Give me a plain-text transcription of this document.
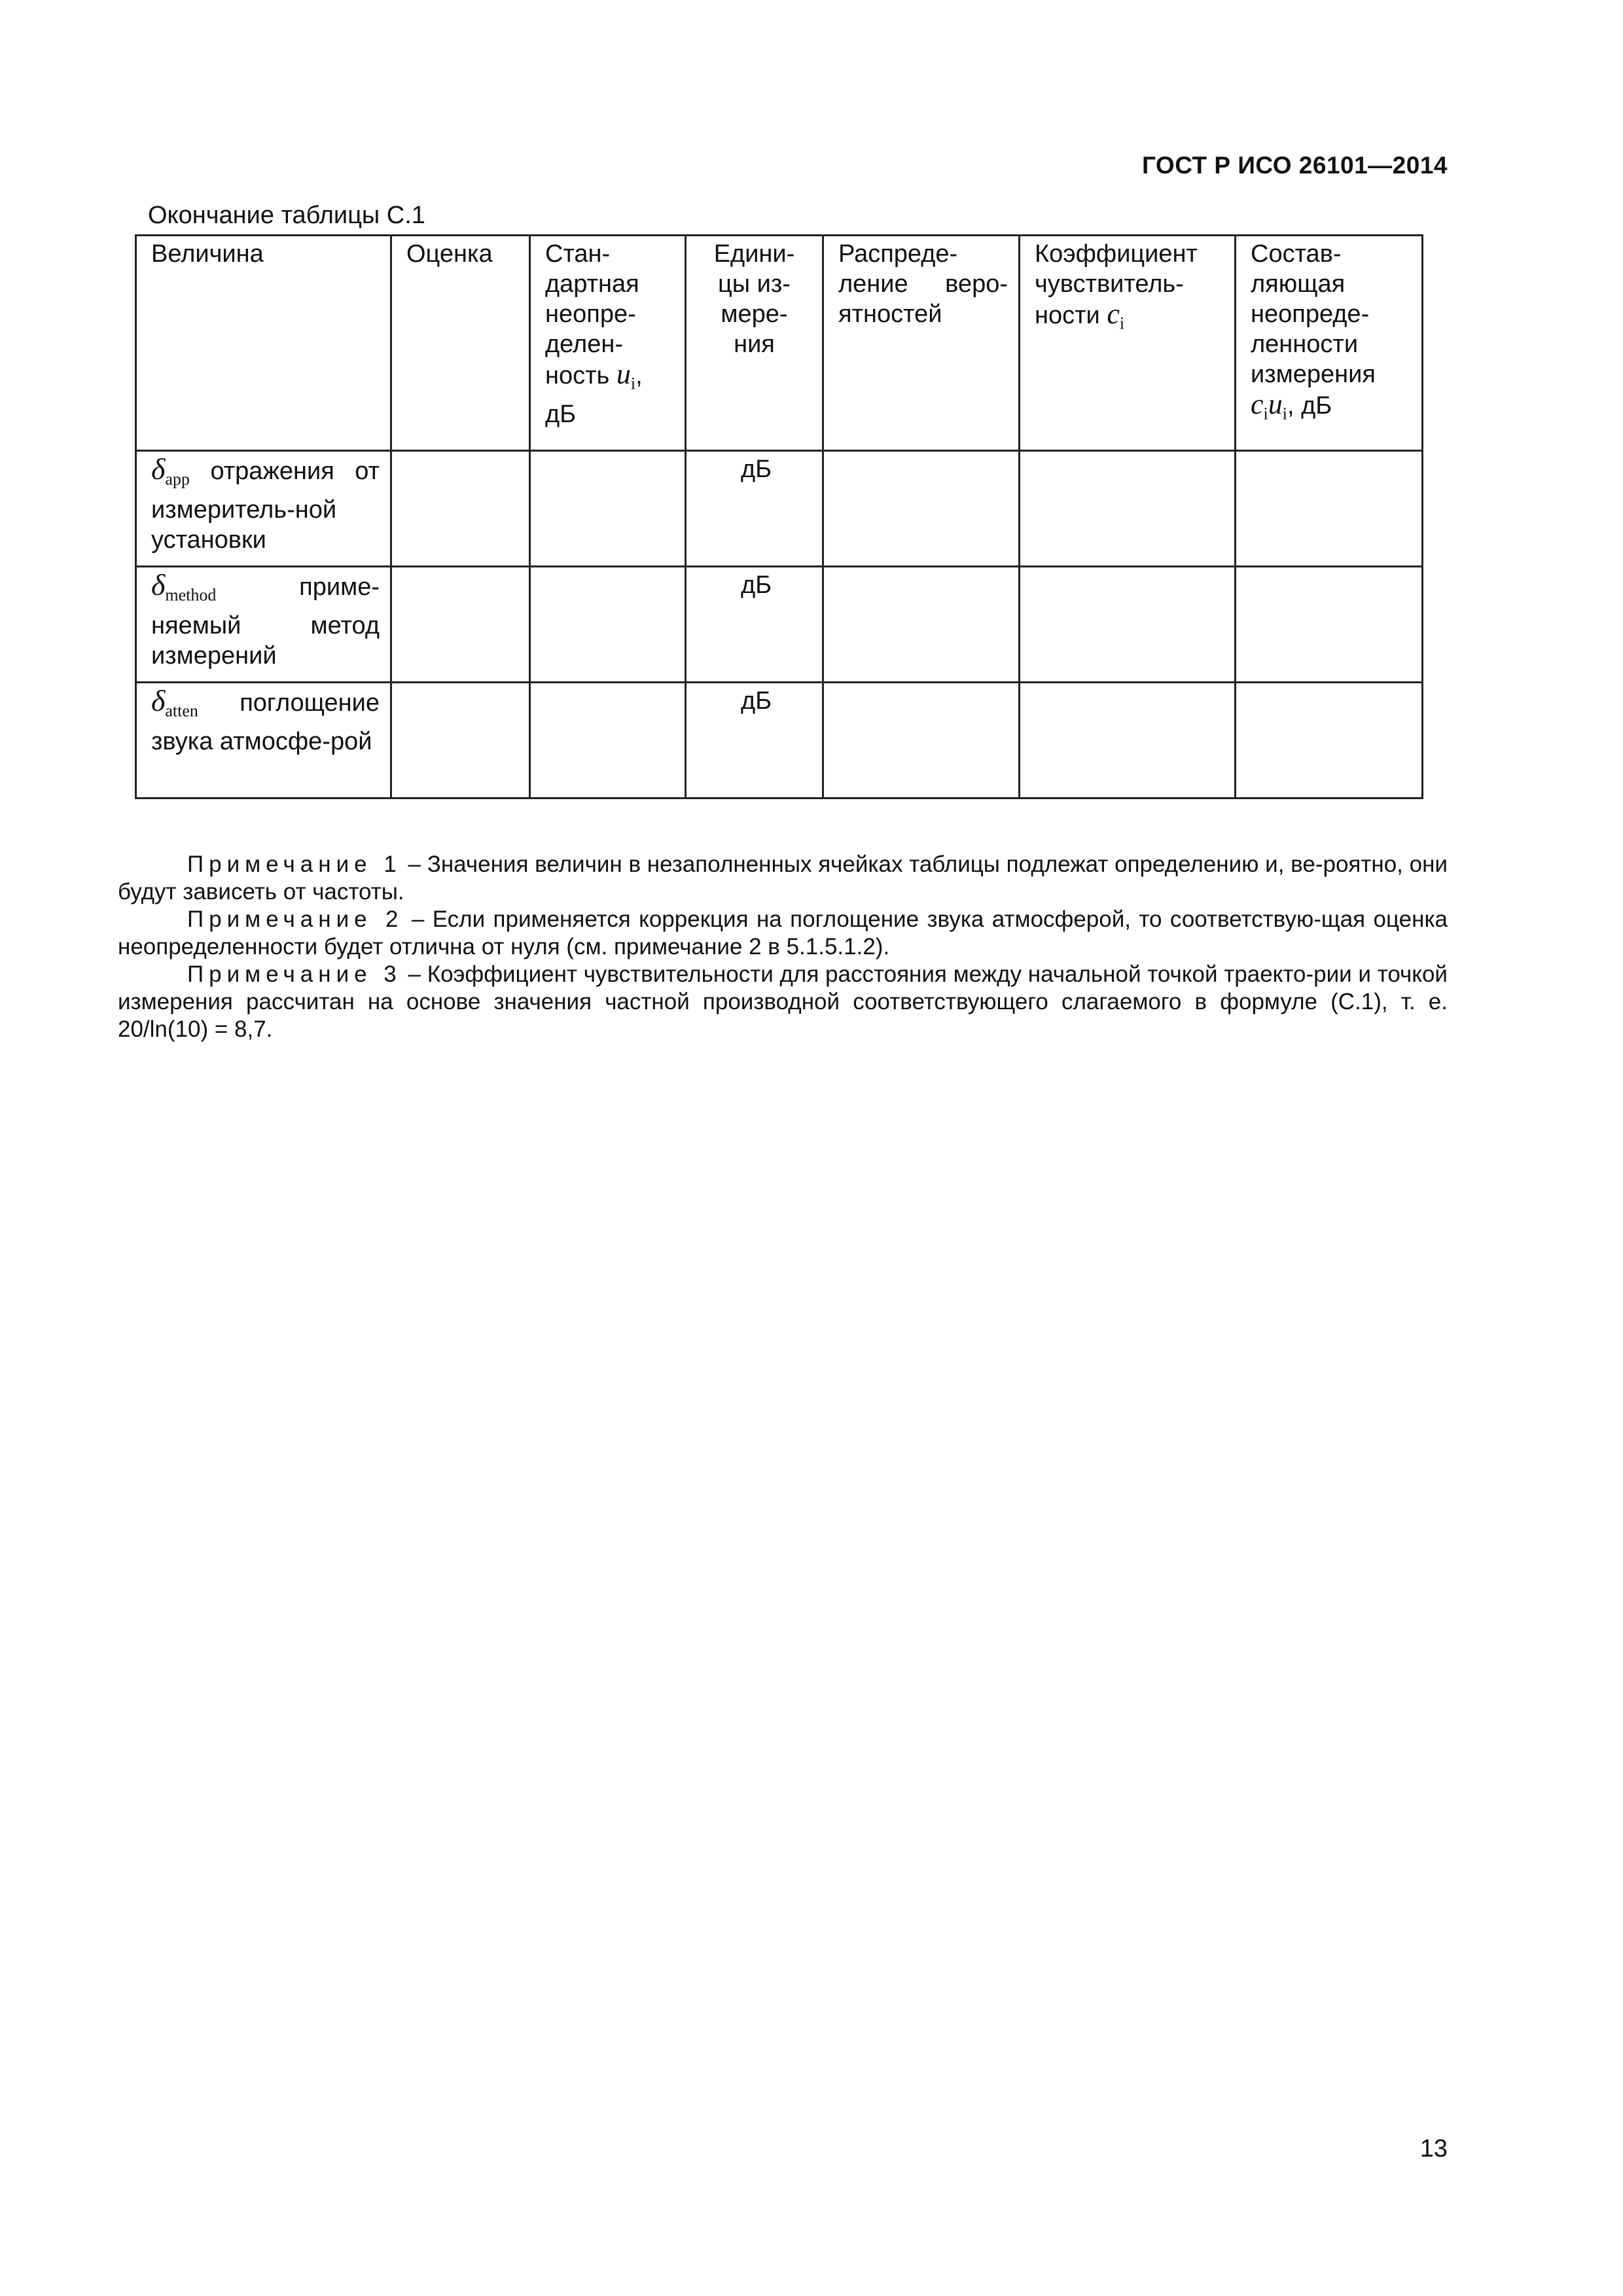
ГОСТ Р ИСО 26101—2014
Окончание таблицы С.1
Величина	Оценка	Стан-дартная неопре-делен-ность $u_i$, дБ	Едини-цы из-мере-ния	Распреде-ление веро-ятностей	Коэффициент чувствитель-ности $c_i$	Состав-ляющая неопреде-ленности измерения
$c_iu_i$, дБ
$\delta_{app}$ отражения от измеритель-ной установки			дБ			
$\delta_{method}$ приме-няемый метод измерений			дБ			
$\delta_{atten}$ поглощение звука атмосфе-рой			дБ			

Примечание 1 – Значения величин в незаполненных ячейках таблицы подлежат определению и, ве-роятно, они будут зависеть от частоты.

Примечание 2 – Если применяется коррекция на поглощение звука атмосферой, то соответствую-щая оценка неопределенности будет отлична от нуля (см. примечание 2 в 5.1.5.1.2).

Примечание 3 – Коэффициент чувствительности для расстояния между начальной точкой траекто-рии и точкой измерения рассчитан на основе значения частной производной соответствующего слагаемого в формуле (С.1), т. е. 20/ln(10) = 8,7.

13
